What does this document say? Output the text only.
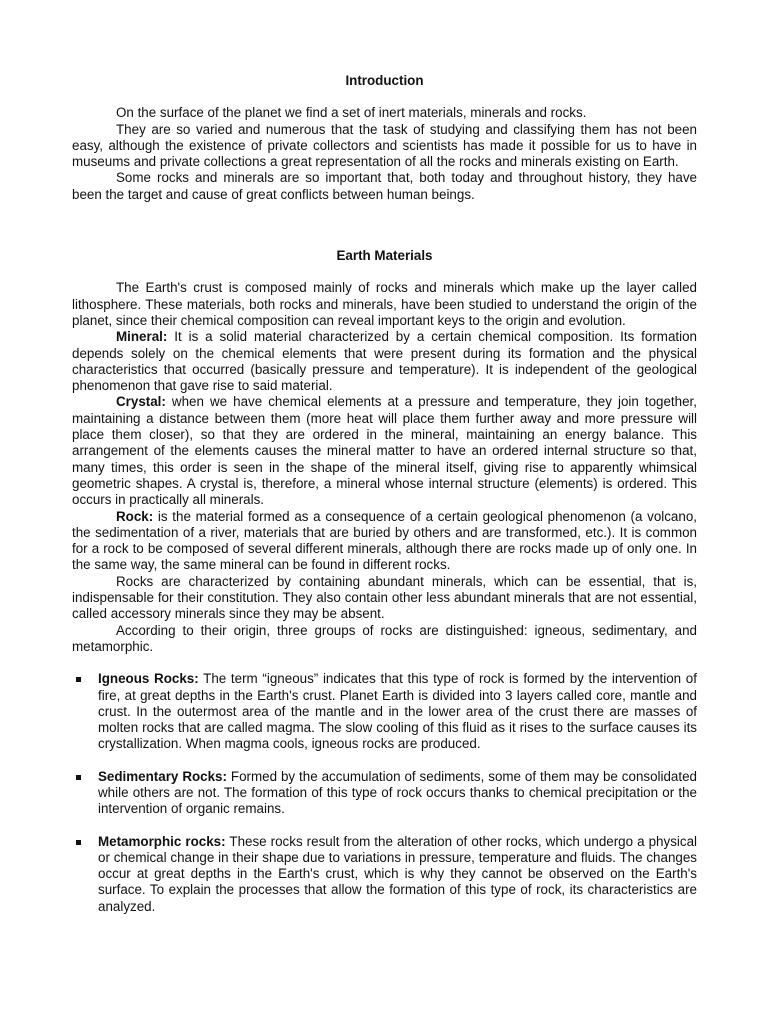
Introduction

On the surface of the planet we find a set of inert materials, minerals and rocks.

They are so varied and numerous that the task of studying and classifying them has not been easy, although the existence of private collectors and scientists has made it possible for us to have in museums and private collections a great representation of all the rocks and minerals existing on Earth.

Some rocks and minerals are so important that, both today and throughout history, they have been the target and cause of great conflicts between human beings.

Earth Materials

The Earth's crust is composed mainly of rocks and minerals which make up the layer called lithosphere. These materials, both rocks and minerals, have been studied to understand the origin of the planet, since their chemical composition can reveal important keys to the origin and evolution.

Mineral: It is a solid material characterized by a certain chemical composition. Its formation depends solely on the chemical elements that were present during its formation and the physical characteristics that occurred (basically pressure and temperature). It is independent of the geological phenomenon that gave rise to said material.

Crystal: when we have chemical elements at a pressure and temperature, they join together, maintaining a distance between them (more heat will place them further away and more pressure will place them closer), so that they are ordered in the mineral, maintaining an energy balance. This arrangement of the elements causes the mineral matter to have an ordered internal structure so that, many times, this order is seen in the shape of the mineral itself, giving rise to apparently whimsical geometric shapes. A crystal is, therefore, a mineral whose internal structure (elements) is ordered. This occurs in practically all minerals.

Rock: is the material formed as a consequence of a certain geological phenomenon (a volcano, the sedimentation of a river, materials that are buried by others and are transformed, etc.). It is common for a rock to be composed of several different minerals, although there are rocks made up of only one. In the same way, the same mineral can be found in different rocks.

Rocks are characterized by containing abundant minerals, which can be essential, that is, indispensable for their constitution. They also contain other less abundant minerals that are not essential, called accessory minerals since they may be absent.

According to their origin, three groups of rocks are distinguished: igneous, sedimentary, and metamorphic.

Igneous Rocks: The term “igneous” indicates that this type of rock is formed by the intervention of fire, at great depths in the Earth's crust. Planet Earth is divided into 3 layers called core, mantle and crust. In the outermost area of the mantle and in the lower area of the crust there are masses of molten rocks that are called magma. The slow cooling of this fluid as it rises to the surface causes its crystallization. When magma cools, igneous rocks are produced.
Sedimentary Rocks: Formed by the accumulation of sediments, some of them may be consolidated while others are not. The formation of this type of rock occurs thanks to chemical precipitation or the intervention of organic remains.
Metamorphic rocks: These rocks result from the alteration of other rocks, which undergo a physical or chemical change in their shape due to variations in pressure, temperature and fluids. The changes occur at great depths in the Earth's crust, which is why they cannot be observed on the Earth's surface. To explain the processes that allow the formation of this type of rock, its characteristics are analyzed.
